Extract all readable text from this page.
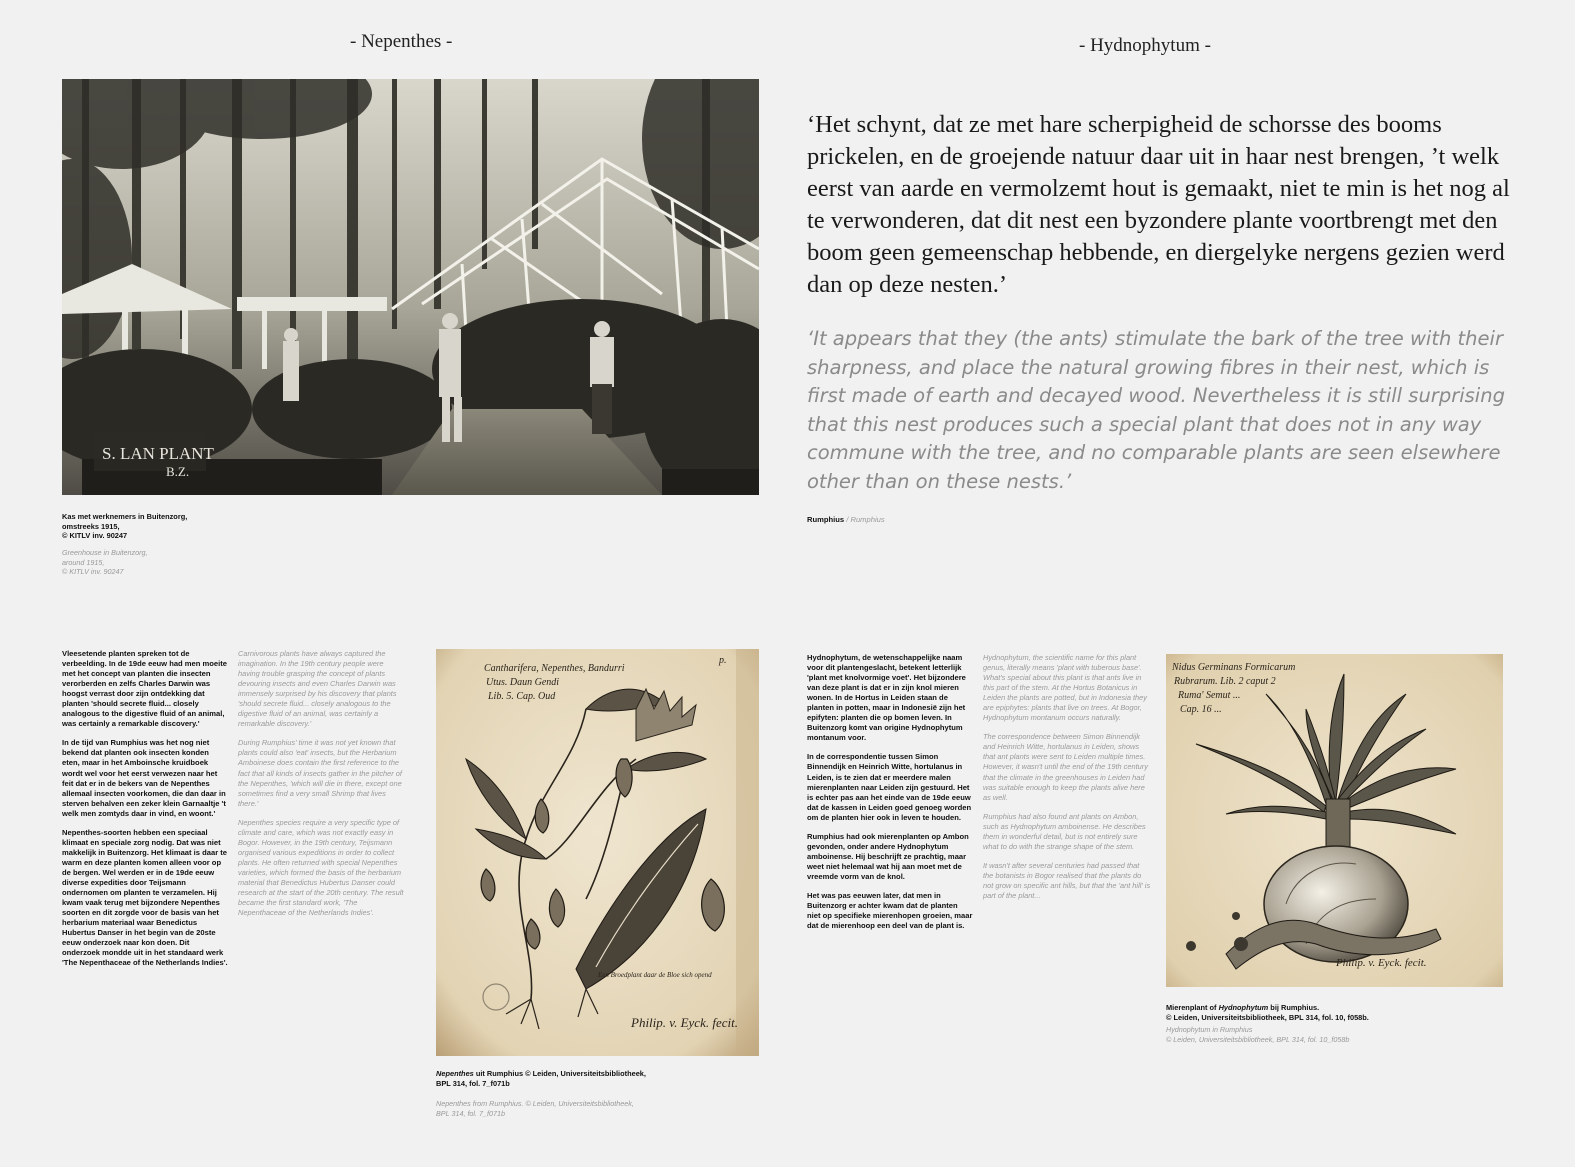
- Nepenthes -
S. LAN PLANT
B.Z.
Kas met werknemers in Buitenzorg,
omstreeks 1915,
© KITLV inv. 90247
Greenhouse in Buitenzorg,
around 1915,
© KITLV inv. 90247

Vleesetende planten spreken tot de verbeelding. In de 19de eeuw had men moeite met het concept van planten die insecten verorberden en zelfs Charles Darwin was hoogst verrast door zijn ontdekking dat planten 'should secrete fluid... closely analogous to the digestive fluid of an animal, was certainly a remarkable discovery.'

In de tijd van Rumphius was het nog niet bekend dat planten ook insecten konden eten, maar in het Amboinsche kruidboek wordt wel voor het eerst verwezen naar het feit dat er in de bekers van de Nepenthes allemaal insecten voorkomen, die dan daar in sterven behalven een zeker klein Garnaaltje 't welk men zomtyds daar in vind, en woont.'

Nepenthes-soorten hebben een speciaal klimaat en speciale zorg nodig. Dat was niet makkelijk in Buitenzorg. Het klimaat is daar te warm en deze planten komen alleen voor op de bergen. Wel werden er in de 19de eeuw diverse expedities door Teijsmann ondernomen om planten te verzamelen. Hij kwam vaak terug met bijzondere Nepenthes soorten en dit zorgde voor de basis van het herbarium materiaal waar Benedictus Hubertus Danser in het begin van de 20ste eeuw onderzoek naar kon doen. Dit onderzoek mondde uit in het standaard werk 'The Nepenthaceae of the Netherlands Indies'.

Carnivorous plants have always captured the imagination. In the 19th century people were having trouble grasping the concept of plants devouring insects and even Charles Darwin was immensely surprised by his discovery that plants 'should secrete fluid... closely analogous to the digestive fluid of an animal, was certainly a remarkable discovery.'

During Rumphius' time it was not yet known that plants could also 'eat' insects, but the Herbarium Amboinese does contain the first reference to the fact that all kinds of insects gather in the pitcher of the Nepenthes, 'which will die in there, except one sometimes find a very small Shrimp that lives there.'

Nepenthes species require a very specific type of climate and care, which was not exactly easy in Bogor. However, in the 19th century, Teijsmann organised various expeditions in order to collect plants. He often returned with special Nepenthes varieties, which formed the basis of the herbarium material that Benedictus Hubertus Danser could research at the start of the 20th century. The result became the first standard work, 'The Nepenthaceae of the Netherlands Indies'.

Cantharifera, Nepenthes, Bandurri
Utus. Daun Gendi
Lib. 5. Cap. Oud
p.
Een Broedplant daar de Bloe sich opend
Philip. v. Eyck. fecit.
Nepenthes uit Rumphius © Leiden, Universiteitsbibliotheek,
BPL 314, fol. 7_f071b
Nepenthes from Rumphius. © Leiden, Universiteitsbibliotheek,
BPL 314, fol. 7_f071b
- Hydnophytum -
‘Het schyn​t, dat ze met hare scherpigheid de schorsse des booms prickelen, en de groejende natuur daar uit in haar nest brengen, ’t welk eerst van aarde en vermolzemt hout is gemaakt, niet te min is het nog al te verwonderen, dat dit nest een byzondere plante voortbrengt met den boom geen gemeenschap hebbende, en diergelyke nergens gezien werd dan op deze nesten.’
‘It appears that they (the ants) stimulate the bark of the tree with their sharpness, and place the natural growing fibres in their nest, which is first made of earth and decayed wood. Nevertheless it is still surprising that this nest produces such a special plant that does not in any way commune with the tree, and no comparable plants are seen elsewhere other than on these nests.’
Rumphius / Rumphius

Hydnophytum, de wetenschappelijke naam voor dit plantengeslacht, betekent letterlijk 'plant met knolvormige voet'. Het bijzondere van deze plant is dat er in zijn knol mieren wonen. In de Hortus in Leiden staan de planten in potten, maar in Indonesië zijn het epifyten: planten die op bomen leven. In Buitenzorg komt van origine Hydnophytum montanum voor.

In de correspondentie tussen Simon Binnendijk en Heinrich Witte, hortulanus in Leiden, is te zien dat er meerdere malen mierenplanten naar Leiden zijn gestuurd. Het is echter pas aan het einde van de 19de eeuw dat de kassen in Leiden goed genoeg worden om de planten hier ook in leven te houden.

Rumphius had ook mierenplanten op Ambon gevonden, onder andere Hydnophytum amboinense. Hij beschrijft ze prachtig, maar weet niet helemaal wat hij aan moet met de vreemde vorm van de knol.

Het was pas eeuwen later, dat men in Buitenzorg er achter kwam dat de planten niet op specifieke mierenhopen groeien, maar dat de mierenhoop een deel van de plant is.

Hydnophytum, the scientific name for this plant genus, literally means 'plant with tuberous base'. What's special about this plant is that ants live in this part of the stem. At the Hortus Botanicus in Leiden the plants are potted, but in Indonesia they are epiphytes: plants that live on trees. At Bogor, Hydnophytum montanum occurs naturally.

The correspondence between Simon Binnendijk and Heinrich Witte, hortulanus in Leiden, shows that ant plants were sent to Leiden multiple times. However, it wasn't until the end of the 19th century that the climate in the greenhouses in Leiden had was suitable enough to keep the plants alive here as well.

Rumphius had also found ant plants on Ambon, such as Hydnophytum amboinense. He describes them in wonderful detail, but is not entirely sure what to do with the strange shape of the stem.

It wasn't after several centuries had passed that the botanists in Bogor realised that the plants do not grow on specific ant hills, but that the 'ant hill' is part of the plant...

Nidus Germinans Formicarum
Rubrarum. Lib. 2 caput 2
Ruma' Semut ...
Cap. 16 ...
Philip. v. Eyck. fecit.
Mierenplant of Hydnophytum bij Rumphius.
© Leiden, Universiteitsbibliotheek, BPL 314, fol. 10, f058b.
Hydnophytum in Rumphius
© Leiden, Universiteitsbibliotheek, BPL 314, fol. 10_f058b
